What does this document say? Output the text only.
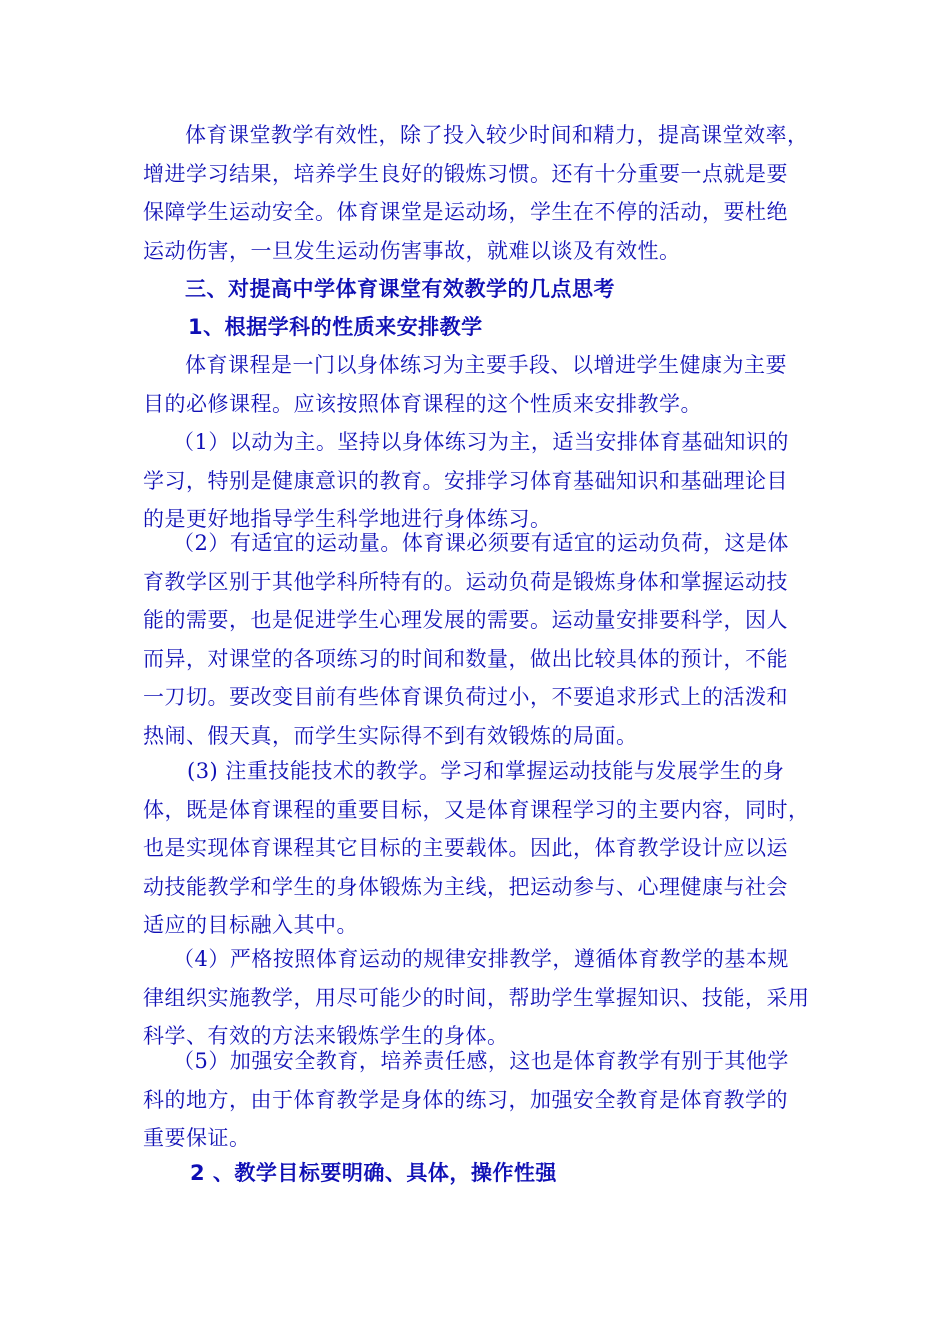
体育课堂教学有效性，除了投入较少时间和精力，提高课堂效率，
增进学习结果，培养学生良好的锻炼习惯。还有十分重要一点就是要
保障学生运动安全。体育课堂是运动场，学生在不停的活动，要杜绝
运动伤害，一旦发生运动伤害事故，就难以谈及有效性。

三、对提高中学体育课堂有效教学的几点思考

1、根据学科的性质来安排教学

体育课程是一门以身体练习为主要手段、以增进学生健康为主要
目的必修课程。应该按照体育课程的这个性质来安排教学。

（1）以动为主。坚持以身体练习为主，适当安排体育基础知识的
学习，特别是健康意识的教育。安排学习体育基础知识和基础理论目
的是更好地指导学生科学地进行身体练习。

（2）有适宜的运动量。体育课必须要有适宜的运动负荷，这是体
育教学区别于其他学科所特有的。运动负荷是锻炼身体和掌握运动技
能的需要，也是促进学生心理发展的需要。运动量安排要科学，因人
而异，对课堂的各项练习的时间和数量，做出比较具体的预计，不能
一刀切。要改变目前有些体育课负荷过小，不要追求形式上的活泼和
热闹、假天真，而学生实际得不到有效锻炼的局面。

(3) 注重技能技术的教学。学习和掌握运动技能与发展学生的身
体，既是体育课程的重要目标，又是体育课程学习的主要内容，同时，
也是实现体育课程其它目标的主要载体。因此，体育教学设计应以运
动技能教学和学生的身体锻炼为主线，把运动参与、心理健康与社会
适应的目标融入其中。

（4）严格按照体育运动的规律安排教学，遵循体育教学的基本规
律组织实施教学，用尽可能少的时间，帮助学生掌握知识、技能，采用
科学、有效的方法来锻炼学生的身体。

（5）加强安全教育，培养责任感，这也是体育教学有别于其他学
科的地方，由于体育教学是身体的练习，加强安全教育是体育教学的
重要保证。

2 、教学目标要明确、具体，操作性强
